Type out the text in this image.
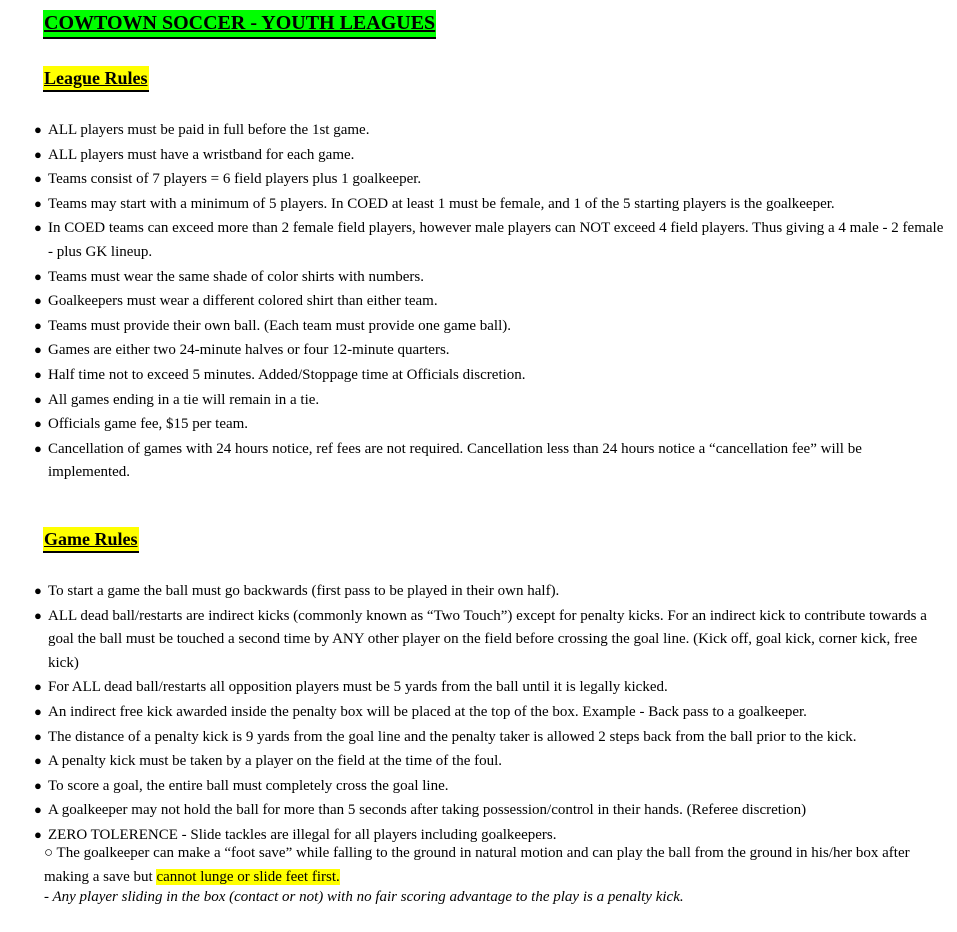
COWTOWN SOCCER - YOUTH LEAGUES
League Rules
● ALL players must be paid in full before the 1st game.
● ALL players must have a wristband for each game.
● Teams consist of 7 players = 6 field players plus 1 goalkeeper.
● Teams may start with a minimum of 5 players. In COED at least 1 must be female, and 1 of the 5 starting players is the goalkeeper.
● In COED teams can exceed more than 2 female field players, however male players can NOT exceed 4 field players. Thus giving a 4 male - 2 female - plus GK lineup.
● Teams must wear the same shade of color shirts with numbers.
● Goalkeepers must wear a different colored shirt than either team.
● Teams must provide their own ball. (Each team must provide one game ball).
● Games are either two 24-minute halves or four 12-minute quarters.
● Half time not to exceed 5 minutes. Added/Stoppage time at Officials discretion.
● All games ending in a tie will remain in a tie.
● Officials game fee, $15 per team.
● Cancellation of games with 24 hours notice, ref fees are not required. Cancellation less than 24 hours notice a “cancellation fee” will be implemented.
Game Rules
● To start a game the ball must go backwards (first pass to be played in their own half).
● ALL dead ball/restarts are indirect kicks (commonly known as “Two Touch”) except for penalty kicks. For an indirect kick to contribute towards a goal the ball must be touched a second time by ANY other player on the field before crossing the goal line. (Kick off, goal kick, corner kick, free kick)
● For ALL dead ball/restarts all opposition players must be 5 yards from the ball until it is legally kicked.
● An indirect free kick awarded inside the penalty box will be placed at the top of the box. Example - Back pass to a goalkeeper.
● The distance of a penalty kick is 9 yards from the goal line and the penalty taker is allowed 2 steps back from the ball prior to the kick.
● A penalty kick must be taken by a player on the field at the time of the foul.
● To score a goal, the entire ball must completely cross the goal line.
● A goalkeeper may not hold the ball for more than 5 seconds after taking possession/control in their hands. (Referee discretion)
● ZERO TOLERENCE - Slide tackles are illegal for all players including goalkeepers.
○ The goalkeeper can make a “foot save” while falling to the ground in natural motion and can play the ball from the ground in his/her box after making a save but cannot lunge or slide feet first.
- Any player sliding in the box (contact or not) with no fair scoring advantage to the play is a penalty kick.
